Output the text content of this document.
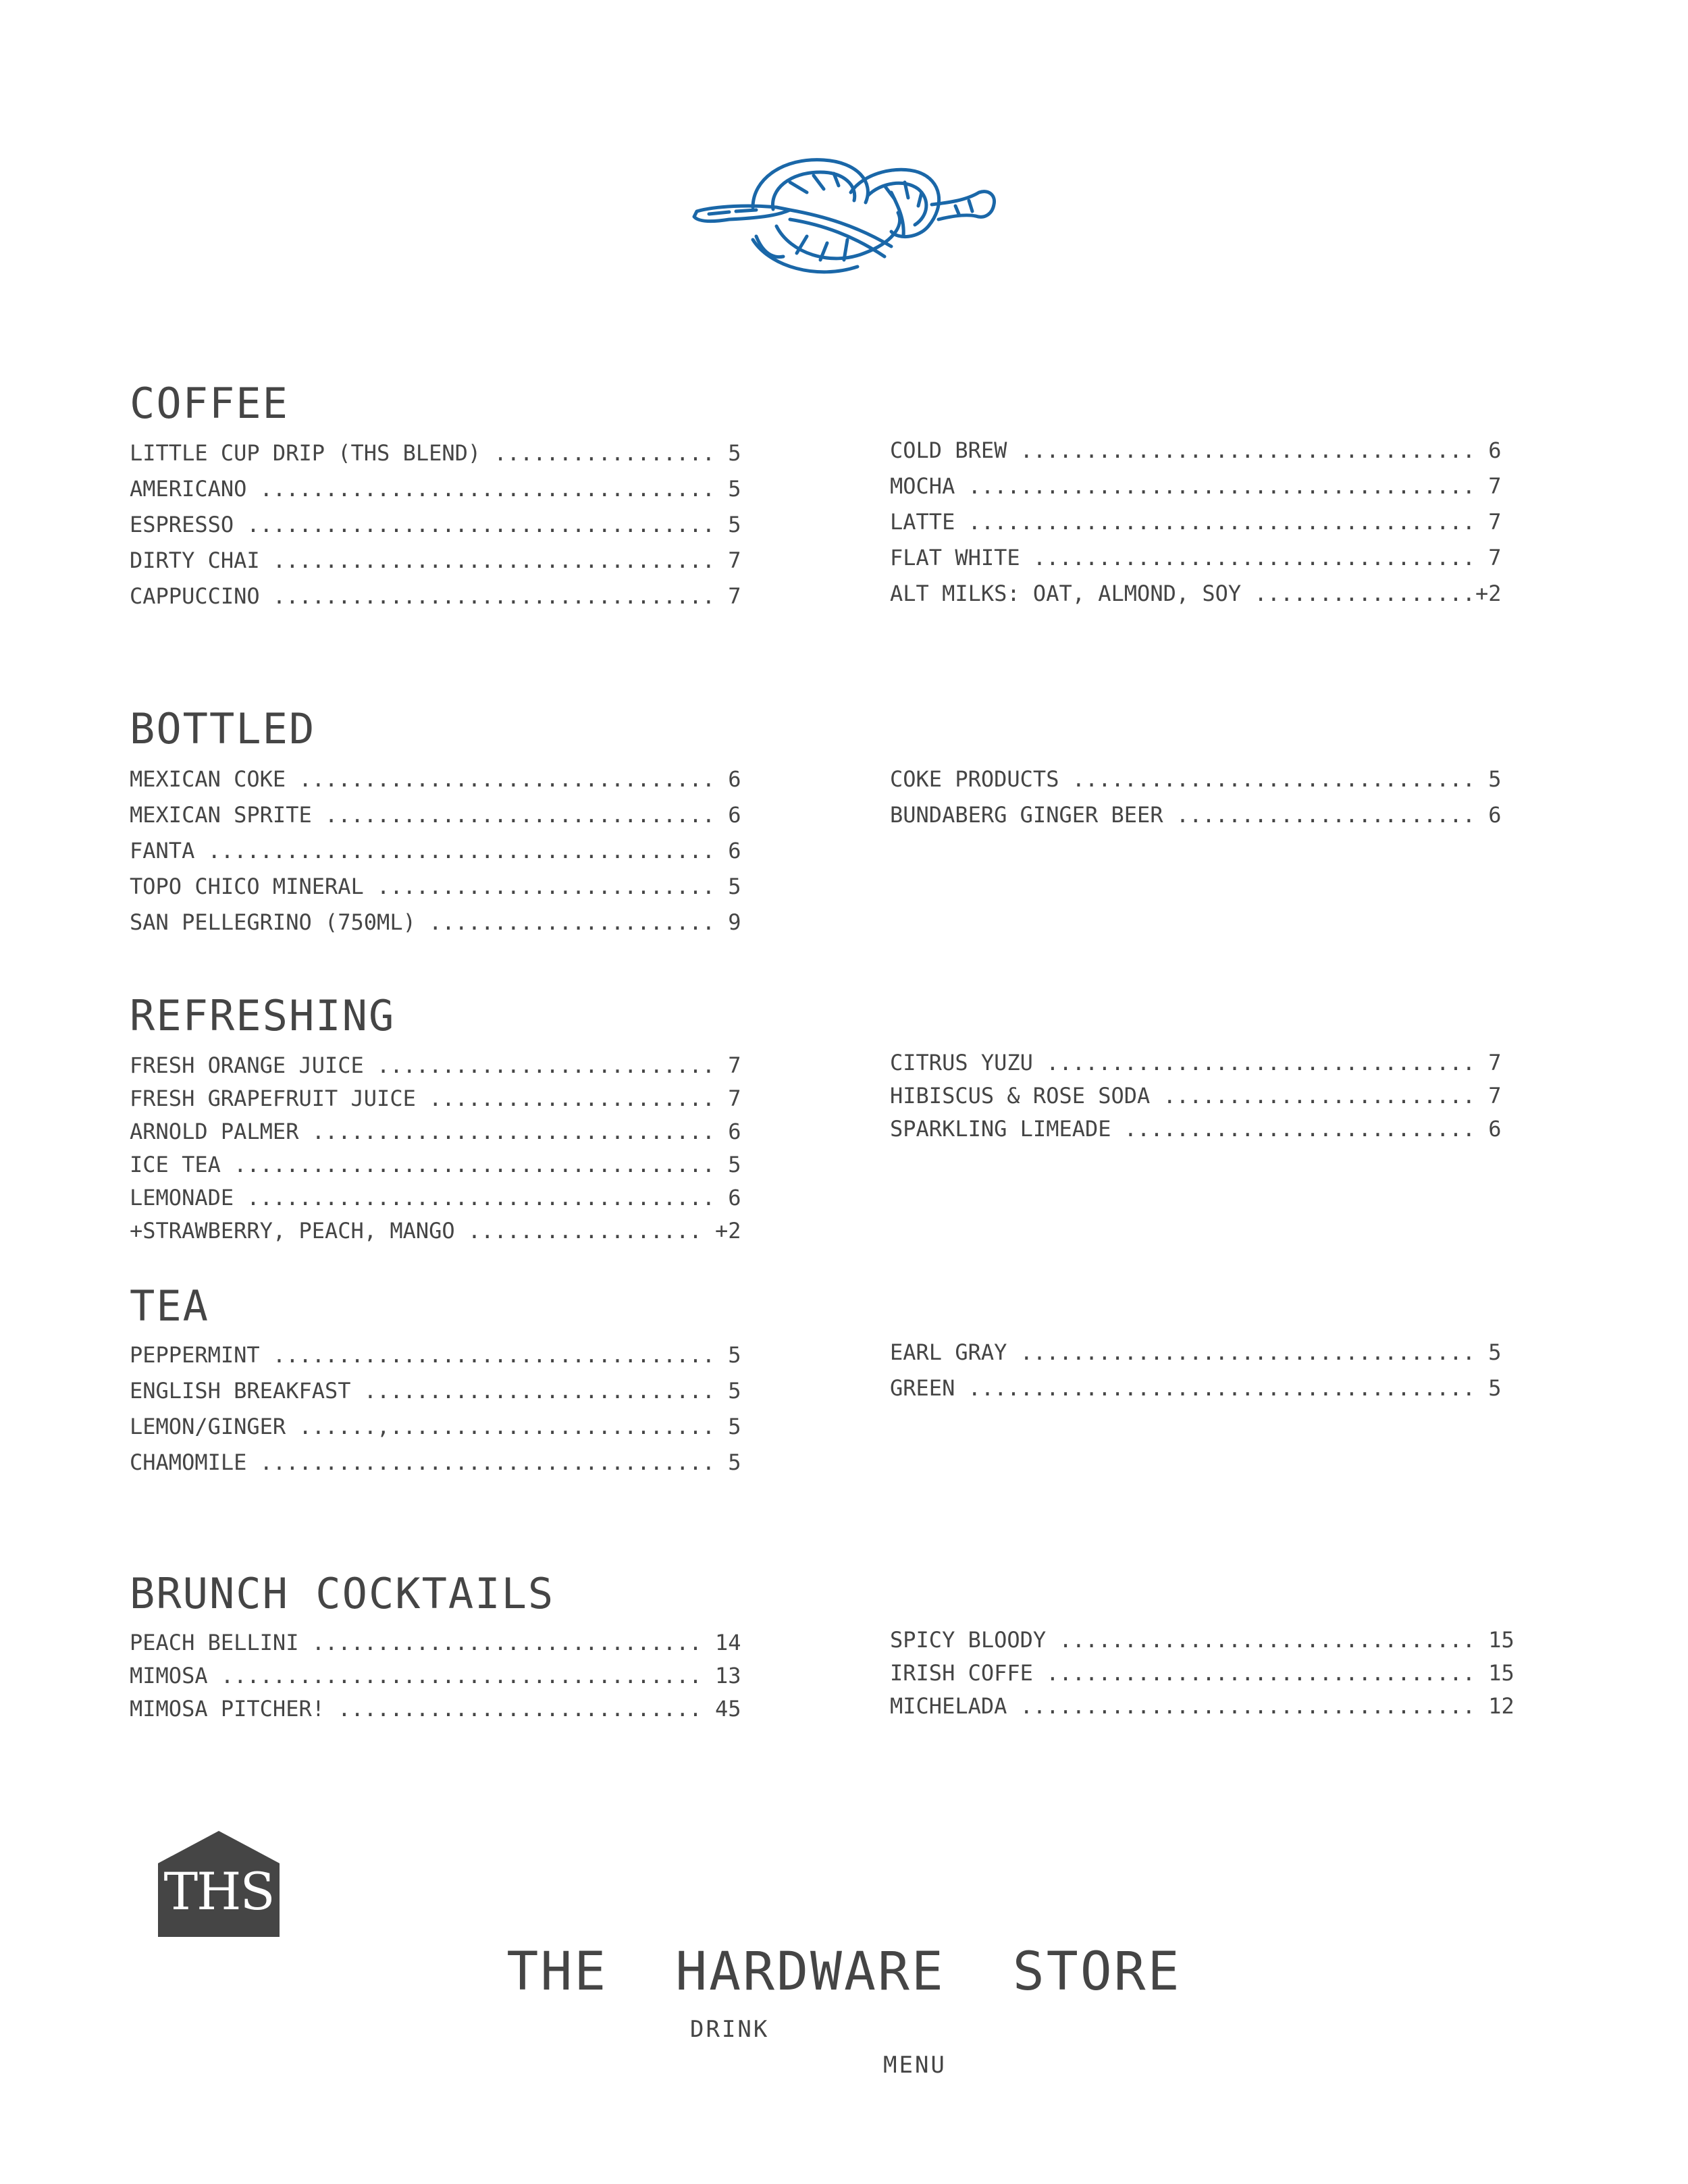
COFFEE
LITTLE CUP DRIP (THS BLEND) ................. 5
AMERICANO ................................... 5
ESPRESSO .................................... 5
DIRTY CHAI .................................. 7
CAPPUCCINO .................................. 7
COLD BREW ................................... 6
MOCHA ....................................... 7
LATTE ....................................... 7
FLAT WHITE .................................. 7
ALT MILKS: OAT, ALMOND, SOY .................+2
BOTTLED
MEXICAN COKE ................................ 6
MEXICAN SPRITE .............................. 6
FANTA ....................................... 6
TOPO CHICO MINERAL .......................... 5
SAN PELLEGRINO (750ML) ...................... 9
COKE PRODUCTS ............................... 5
BUNDABERG GINGER BEER ....................... 6
REFRESHING
FRESH ORANGE JUICE .......................... 7
FRESH GRAPEFRUIT JUICE ...................... 7
ARNOLD PALMER ............................... 6
ICE TEA ..................................... 5
LEMONADE .................................... 6
+STRAWBERRY, PEACH, MANGO .................. +2
CITRUS YUZU ................................. 7
HIBISCUS & ROSE SODA ........................ 7
SPARKLING LIMEADE ........................... 6
TEA
PEPPERMINT .................................. 5
ENGLISH BREAKFAST ........................... 5
LEMON/GINGER ......,......................... 5
CHAMOMILE ................................... 5
EARL GRAY ................................... 5
GREEN ....................................... 5
BRUNCH COCKTAILS
PEACH BELLINI .............................. 14
MIMOSA ..................................... 13
MIMOSA PITCHER! ............................ 45
SPICY BLOODY ................................ 15
IRISH COFFE ................................. 15
MICHELADA ................................... 12
THS
THE  HARDWARE  STORE
DRINK
MENU
